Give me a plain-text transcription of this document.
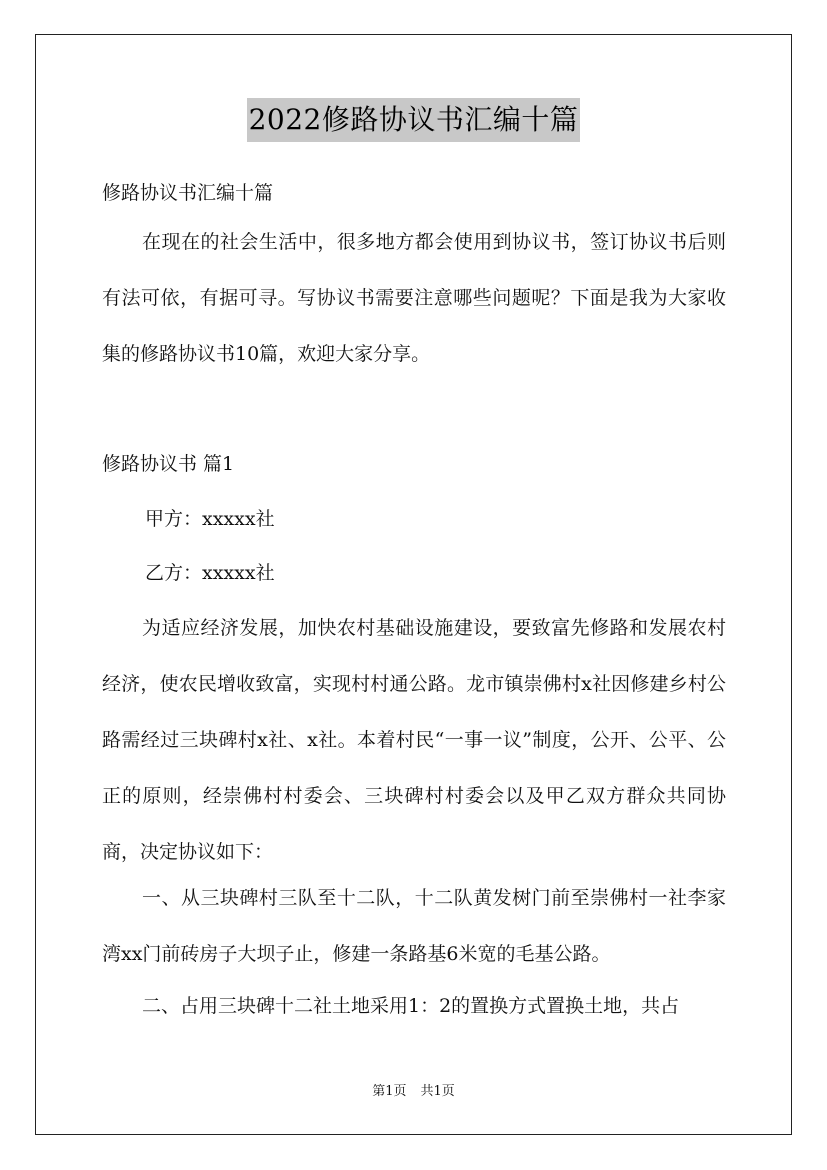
2022修路协议书汇编十篇
修路协议书汇编十篇

在现在的社会生活中，很多地方都会使用到协议书，签订协议书后则有法可依，有据可寻。写协议书需要注意哪些问题呢？下面是我为大家收集的修路协议书10篇，欢迎大家分享。

修路协议书 篇1
甲方：xxxxx社
乙方：xxxxx社

为适应经济发展，加快农村基础设施建设，要致富先修路和发展农村经济，使农民增收致富，实现村村通公路。龙市镇崇佛村x社因修建乡村公路需经过三块碑村x社、x社。本着村民“一事一议”制度，公开、公平、公正的原则，经崇佛村村委会、三块碑村村委会以及甲乙双方群众共同协商，决定协议如下：

一、从三块碑村三队至十二队，十二队黄发树门前至崇佛村一社李家湾xx门前砖房子大坝子止，修建一条路基6米宽的毛基公路。

二、占用三块碑十二社土地采用1：2的置换方式置换土地，共占

第1页 共1页
